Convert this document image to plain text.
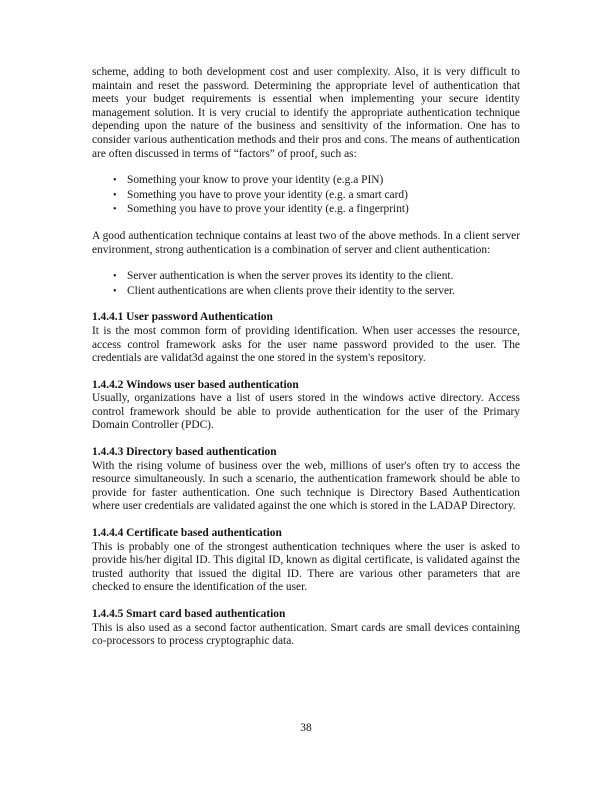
scheme, adding to both development cost and user complexity. Also, it is very difficult to maintain and reset the password. Determining the appropriate level of authentication that meets your budget requirements is essential when implementing your secure identity management solution. It is very crucial to identify the appropriate authentication technique depending upon the nature of the business and sensitivity of the information. One has to consider various authentication methods and their pros and cons. The means of authentication are often discussed in terms of “factors” of proof, such as:

• Something your know to prove your identity (e.g.a PIN)
• Something you have to prove your identity (e.g. a smart card)
• Something you have to prove your identity (e.g. a fingerprint)

A good authentication technique contains at least two of the above methods. In a client server environment, strong authentication is a combination of server and client authentication:

• Server authentication is when the server proves its identity to the client.
• Client authentications are when clients prove their identity to the server.
1.4.4.1 User password Authentication

It is the most common form of providing identification. When user accesses the resource, access control framework asks for the user name password provided to the user. The credentials are validat3d against the one stored in the system's repository.

1.4.4.2 Windows user based authentication

Usually, organizations have a list of users stored in the windows active directory. Access control framework should be able to provide authentication for the user of the Primary Domain Controller (PDC).

1.4.4.3 Directory based authentication

With the rising volume of business over the web, millions of user's often try to access the resource simultaneously. In such a scenario, the authentication framework should be able to provide for faster authentication. One such technique is Directory Based Authentication where user credentials are validated against the one which is stored in the LADAP Directory.

1.4.4.4 Certificate based authentication

This is probably one of the strongest authentication techniques where the user is asked to provide his/her digital ID. This digital ID, known as digital certificate, is validated against the trusted authority that issued the digital ID. There are various other parameters that are checked to ensure the identification of the user.

1.4.4.5 Smart card based authentication

This is also used as a second factor authentication. Smart cards are small devices containing co-processors to process cryptographic data.

38
